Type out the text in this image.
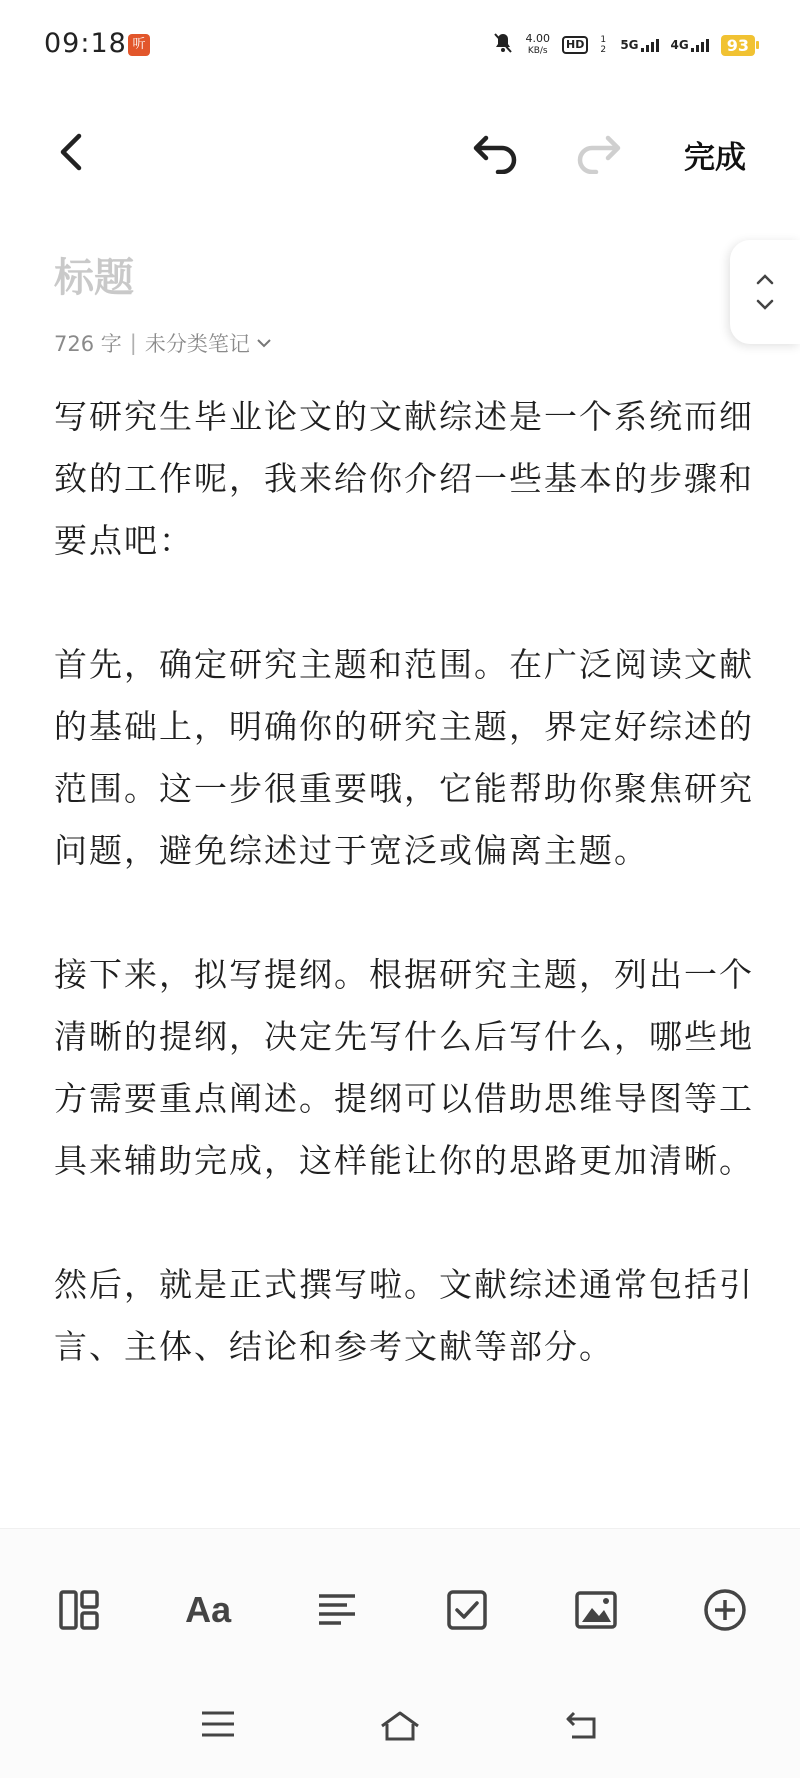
09:18 听	4.00
KB/s	HD	1 2 5G	4G	93
完成
标题
726 字 | 未分类笔记

写研究生毕业论文的文献综述是一个系统而细致的工作呢，我来给你介绍一些基本的步骤和要点吧：

首先，确定研究主题和范围。在广泛阅读文献的基础上，明确你的研究主题，界定好综述的范围。这一步很重要哦，它能帮助你聚焦研究问题，避免综述过于宽泛或偏离主题。

接下来，拟写提纲。根据研究主题，列出一个清晰的提纲，决定先写什么后写什么，哪些地方需要重点阐述。提纲可以借助思维导图等工具来辅助完成，这样能让你的思路更加清晰。

然后，就是正式撰写啦。文献综述通常包括引言、主体、结论和参考文献等部分。

Aa
